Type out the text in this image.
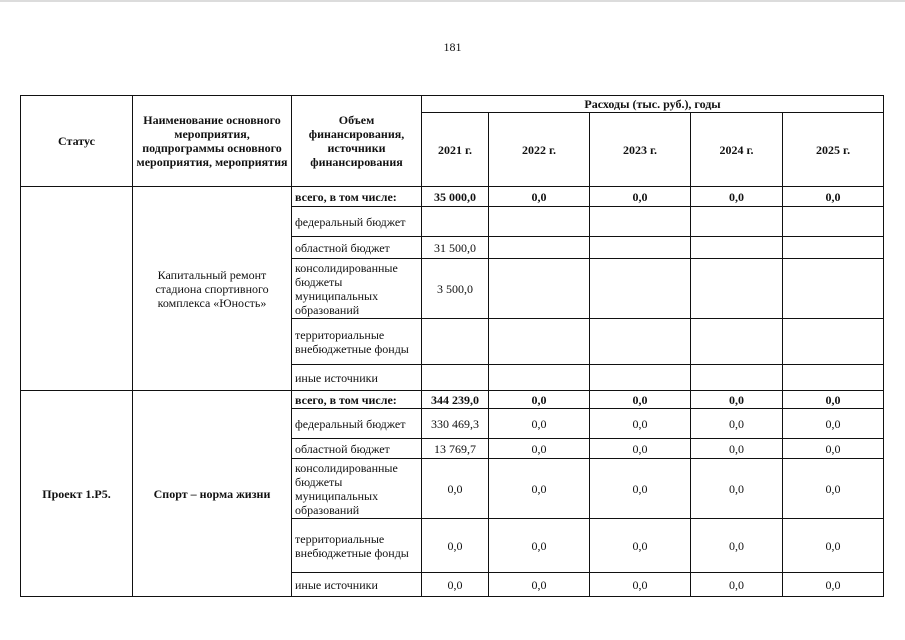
181
Статус	Наименование основного мероприятия, подпрограммы основного мероприятия, мероприятия	Объем финансирования, источники финансирования	Расходы (тыс. руб.), годы				
			2021 г.	2022 г.	2023 г.	2024 г.	2025 г.
	Капитальный ремонт стадиона спортивного комплекса «Юность»	всего, в том числе:	35 000,0	0,0	0,0	0,0	0,0
		федеральный бюджет					
		областной бюджет	31 500,0				
		консолидированные бюджеты муниципальных образований	3 500,0				
		территориальные внебюджетные фонды					
		иные источники					
Проект 1.Р5.	Спорт – норма жизни	всего, в том числе:	344 239,0	0,0	0,0	0,0	0,0
		федеральный бюджет	330 469,3	0,0	0,0	0,0	0,0
		областной бюджет	13 769,7	0,0	0,0	0,0	0,0
		консолидированные бюджеты муниципальных образований	0,0	0,0	0,0	0,0	0,0
		территориальные внебюджетные фонды	0,0	0,0	0,0	0,0	0,0
		иные источники	0,0	0,0	0,0	0,0	0,0
